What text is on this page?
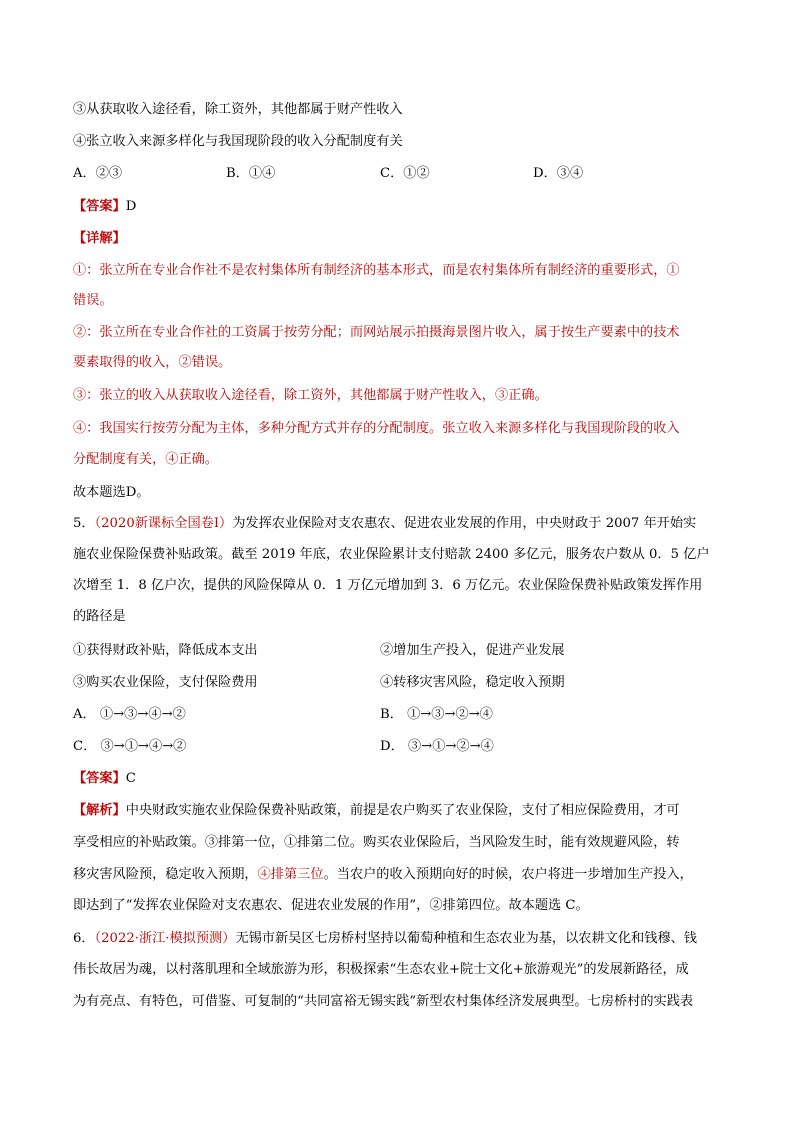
③从获取收入途径看，除工资外，其他都属于财产性收入
④张立收入来源多样化与我国现阶段的收入分配制度有关
A．②③	B．①④	C．①②	D．③④
【答案】D
【详解】
①：张立所在专业合作社不是农村集体所有制经济的基本形式，而是农村集体所有制经济的重要形式，①
错误。
②：张立所在专业合作社的工资属于按劳分配；而网站展示拍摄海景图片收入，属于按生产要素中的技术
要素取得的收入，②错误。
③：张立的收入从获取收入途径看，除工资外，其他都属于财产性收入，③正确。
④：我国实行按劳分配为主体，多种分配方式并存的分配制度。张立收入来源多样化与我国现阶段的收入
分配制度有关，④正确。
故本题选D。
5．（2020新课标全国卷Ⅰ）为发挥农业保险对支农惠农、促进农业发展的作用，中央财政于 2007 年开始实
施农业保险保费补贴政策。截至 2019 年底，农业保险累计支付赔款 2400 多亿元，服务农户数从 0．5 亿户
次增至 1．8 亿户次，提供的风险保障从 0．1 万亿元增加到 3．6 万亿元。农业保险保费补贴政策发挥作用
的路径是
①获得财政补贴，降低成本支出	②增加生产投入，促进产业发展
③购买农业保险，支付保险费用	④转移灾害风险，稳定收入预期
A． ①→③→④→②	B． ①→③→②→④
C． ③→①→④→②	D． ③→①→②→④
【答案】C
【解析】中央财政实施农业保险保费补贴政策，前提是农户购买了农业保险，支付了相应保险费用，才可
享受相应的补贴政策。③排第一位，①排第二位。购买农业保险后，当风险发生时，能有效规避风险，转
移灾害风险预，稳定收入预期，④排第三位。当农户的收入预期向好的时候，农户将进一步增加生产投入，
即达到了“发挥农业保险对支农惠农、促进农业发展的作用”，②排第四位。故本题选 C。
6．（2022·浙江·模拟预测）无锡市新吴区七房桥村坚持以葡萄种植和生态农业为基，以农耕文化和钱穆、钱
伟长故居为魂，以村落肌理和全域旅游为形，积极探索“生态农业+院士文化+旅游观光”的发展新路径，成
为有亮点、有特色，可借鉴、可复制的“共同富裕无锡实践”新型农村集体经济发展典型。七房桥村的实践表
